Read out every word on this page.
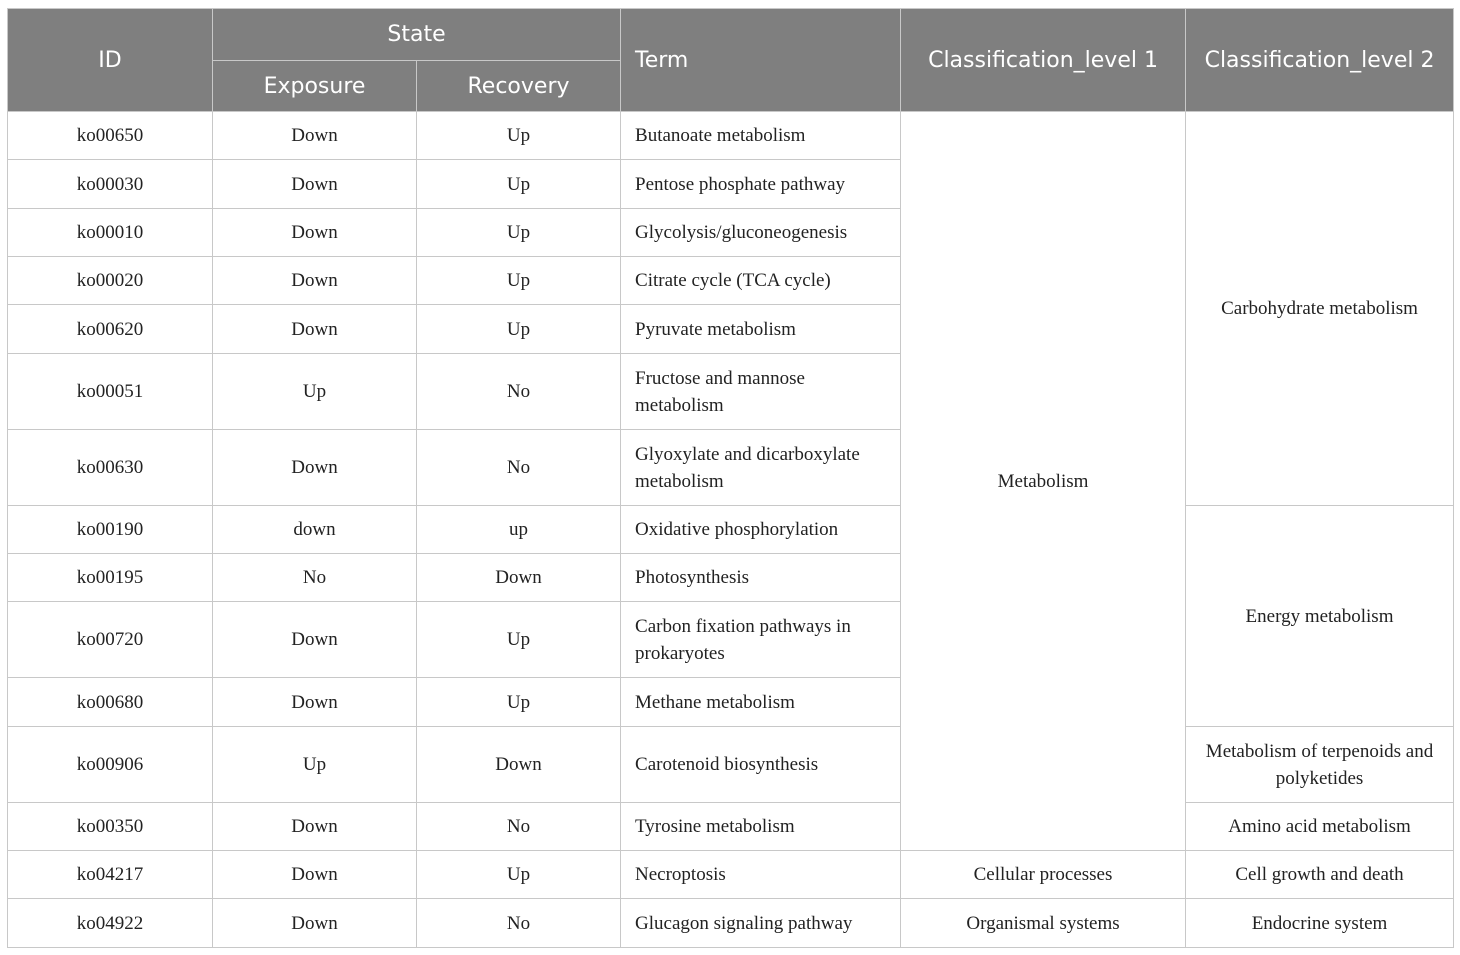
ID	State		Term	Classification_level 1	Classification_level 2
	Exposure	Recovery			
ko00650	Down	Up	Butanoate metabolism	Metabolism	Carbohydrate metabolism
ko00030	Down	Up	Pentose phosphate pathway		
ko00010	Down	Up	Glycolysis/gluconeogenesis		
ko00020	Down	Up	Citrate cycle (TCA cycle)		
ko00620	Down	Up	Pyruvate metabolism		
ko00051	Up	No	Fructose and mannose metabolism		
ko00630	Down	No	Glyoxylate and dicarboxylate metabolism		
ko00190	down	up	Oxidative phosphorylation		Energy metabolism
ko00195	No	Down	Photosynthesis		
ko00720	Down	Up	Carbon fixation pathways in prokaryotes		
ko00680	Down	Up	Methane metabolism		
ko00906	Up	Down	Carotenoid biosynthesis		Metabolism of terpenoids and polyketides
ko00350	Down	No	Tyrosine metabolism		Amino acid metabolism
ko04217	Down	Up	Necroptosis	Cellular processes	Cell growth and death
ko04922	Down	No	Glucagon signaling pathway	Organismal systems	Endocrine system
